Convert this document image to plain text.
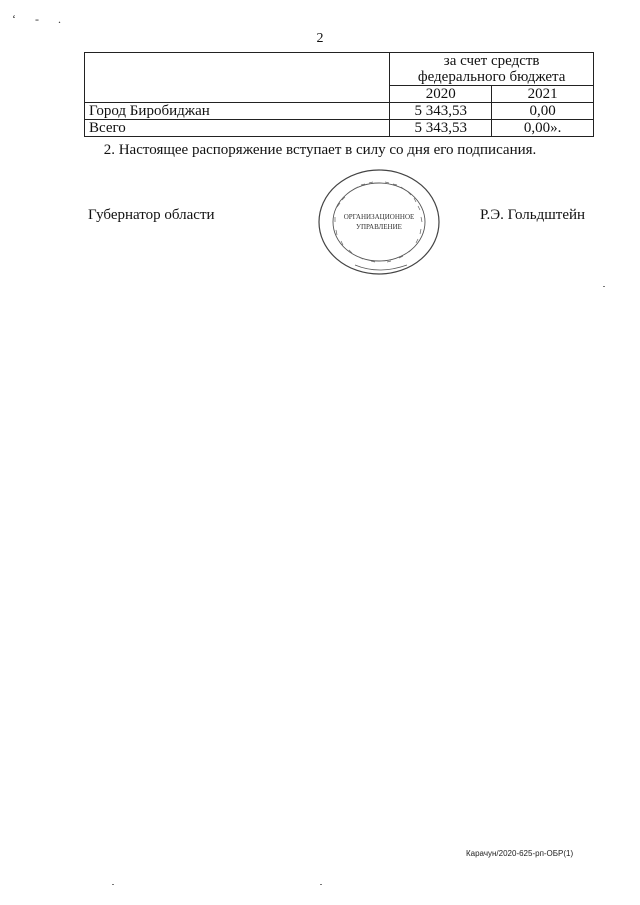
‘ - .
2

	за счет средств
федерального бюджета	

	2020	2021
Город Биробиджан	5 343,53	0,00
Всего	5 343,53	0,00».
2. Настоящее распоряжение вступает в силу со дня его подписания.
Губернатор области	Р.Э. Гольдштейн
ОРГАНИЗАЦИОННОЕ
УПРАВЛЕНИЕ
Карачун/2020-625-рп-ОБР(1)
